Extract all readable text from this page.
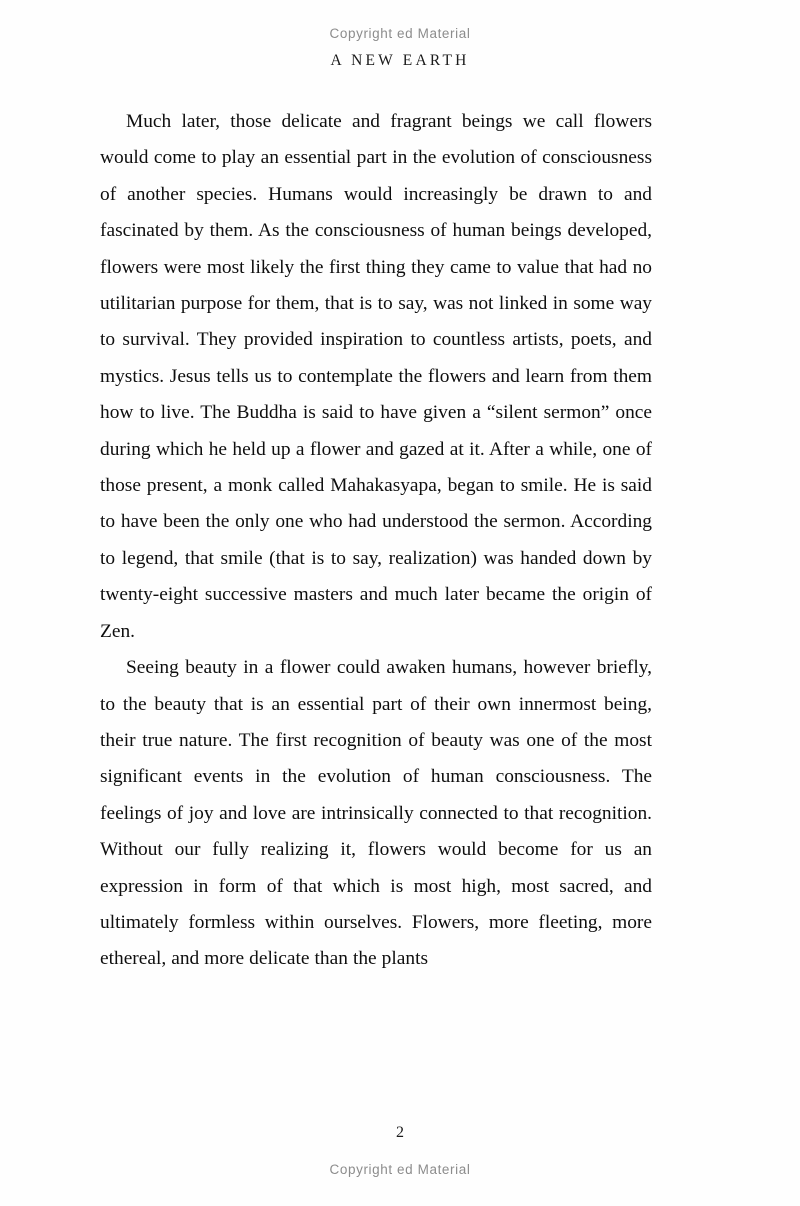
Copyright ed Material
A NEW EARTH

Much later, those delicate and fragrant beings we call flowers would come to play an essential part in the evolution of consciousness of another species. Humans would increasingly be drawn to and fascinated by them. As the consciousness of human beings developed, flowers were most likely the first thing they came to value that had no utilitarian purpose for them, that is to say, was not linked in some way to survival. They provided inspiration to countless artists, poets, and mystics. Jesus tells us to contemplate the flowers and learn from them how to live. The Buddha is said to have given a “silent sermon” once during which he held up a flower and gazed at it. After a while, one of those present, a monk called Mahakasyapa, began to smile. He is said to have been the only one who had understood the sermon. According to legend, that smile (that is to say, realization) was handed down by twenty-eight successive masters and much later became the origin of Zen.

Seeing beauty in a flower could awaken humans, however briefly, to the beauty that is an essential part of their own innermost being, their true nature. The first recognition of beauty was one of the most significant events in the evolution of human consciousness. The feelings of joy and love are intrinsically connected to that recognition. Without our fully realizing it, flowers would become for us an expression in form of that which is most high, most sacred, and ultimately formless within ourselves. Flowers, more fleeting, more ethereal, and more delicate than the plants

2
Copyright ed Material
